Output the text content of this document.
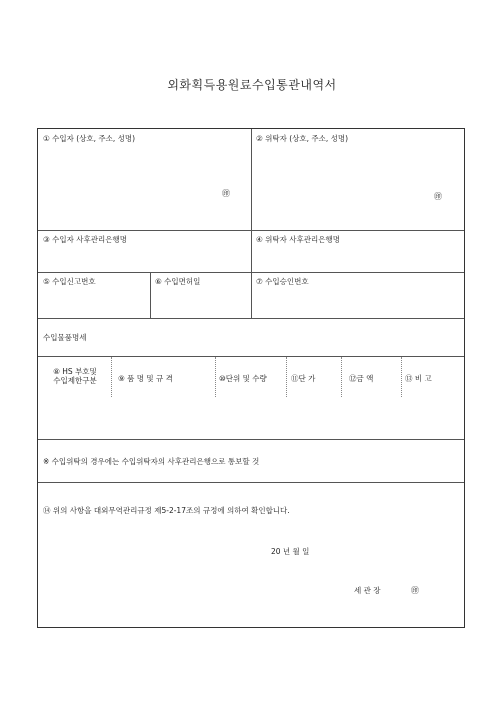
외화획득용원료수입통관내역서
① 수입자 (상호, 주소, 성명)
㊞
② 위탁자 (상호, 주소, 성명)
㊞
③ 수입자 사후관리은행명	④ 위탁자 사후관리은행명
⑤ 수입신고번호	⑥ 수입면허일	⑦ 수입승인번호
수입물품명세
⑧ HS 부호및
수입제한구분	⑨ 품 명 및 규 격	⑩단위 및 수량	⑪단 가	⑫금 액	⑬ 비 고
※ 수입위탁의 경우에는 수입위탁자의 사후관리은행으로 통보할 것
⑭ 위의 사항을 대외무역관리규정 제5-2-17조의 규정에 의하여 확인합니다.
20 년 월 일
세 관 장	㊞
